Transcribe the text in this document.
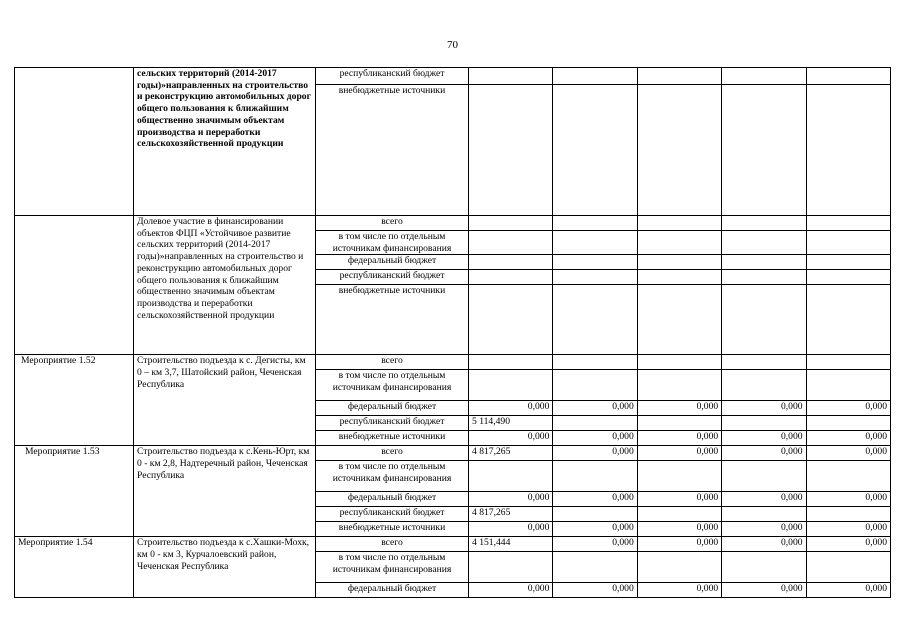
70
	сельских территорий (2014-2017 годы)»направленных на строительство и реконструкцию автомобильных дорог общего пользования к ближайшим общественно значимым объектам производства и переработки сельскохозяйственной продукции	республиканский бюджет					
		внебюджетные источники					
	Долевое участие в финансировании объектов ФЦП «Устойчивое развитие сельских территорий (2014-2017 годы)»направленных на строительство и реконструкцию автомобильных дорог общего пользования к ближайшим общественно значимым объектам производства и переработки сельскохозяйственной продукции	всего					
		в том числе по отдельным источникам финансирования					
		федеральный бюджет					
		республиканский бюджет					
		внебюджетные источники					
Мероприятие 1.52	Строительство подъезда к с. Дегисты, км 0 – км 3,7, Шатойский район, Чеченская Республика	всего					
		в том числе по отдельным источникам финансирования					
		федеральный бюджет	0,000	0,000	0,000	0,000	0,000
		республиканский бюджет	5 114,490				
		внебюджетные источники	0,000	0,000	0,000	0,000	0,000
Мероприятие 1.53	Строительство подъезда к с.Кень-Юрт, км 0 - км 2,8, Надтеречный район, Чеченская Республика	всего	4 817,265	0,000	0,000	0,000	0,000
		в том числе по отдельным источникам финансирования					
		федеральный бюджет	0,000	0,000	0,000	0,000	0,000
		республиканский бюджет	4 817,265				
		внебюджетные источники	0,000	0,000	0,000	0,000	0,000
Мероприятие 1.54	Строительство подъезда к с.Хашки-Мохк, км 0 - км 3, Курчалоевский район, Чеченская Республика	всего	4 151,444	0,000	0,000	0,000	0,000
		в том числе по отдельным источникам финансирования					
		федеральный бюджет	0,000	0,000	0,000	0,000	0,000
